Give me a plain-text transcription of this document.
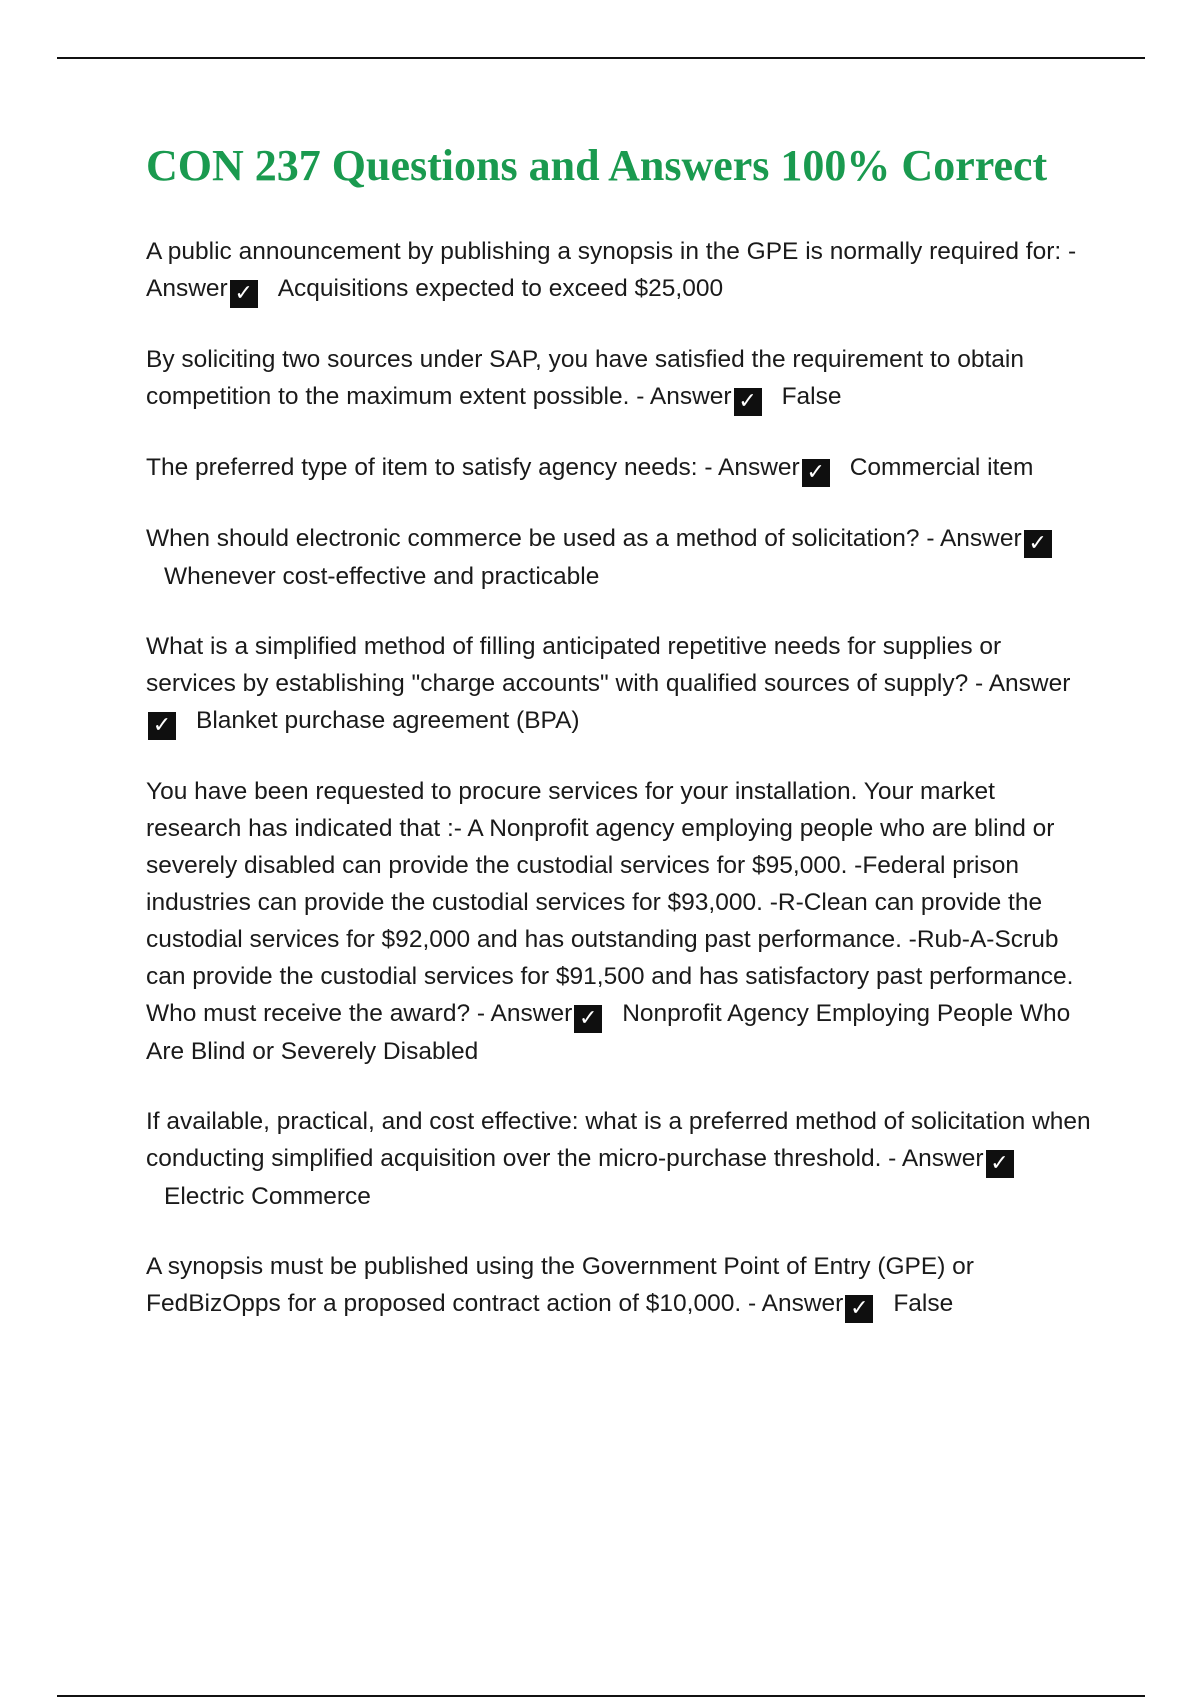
CON 237 Questions and Answers 100% Correct
A public announcement by publishing a synopsis in the GPE is normally required for: - Answer ✓ Acquisitions expected to exceed $25,000
By soliciting two sources under SAP, you have satisfied the requirement to obtain competition to the maximum extent possible. - Answer ✓ False
The preferred type of item to satisfy agency needs: - Answer ✓ Commercial item
When should electronic commerce be used as a method of solicitation? - Answer ✓Whenever cost-effective and practicable
What is a simplified method of filling anticipated repetitive needs for supplies or services by establishing "charge accounts" with qualified sources of supply? - Answer✓ Blanket purchase agreement (BPA)
You have been requested to procure services for your installation. Your market research has indicated that :- A Nonprofit agency employing people who are blind or severely disabled can provide the custodial services for $95,000. -Federal prison industries can provide the custodial services for $93,000. -R-Clean can provide the custodial services for $92,000 and has outstanding past performance. -Rub-A-Scrub can provide the custodial services for $91,500 and has satisfactory past performance. Who must receive the award? - Answer ✓ Nonprofit Agency Employing People Who Are Blind or Severely Disabled
If available, practical, and cost effective: what is a preferred method of solicitation when conducting simplified acquisition over the micro-purchase threshold. - Answer ✓Electric Commerce
A synopsis must be published using the Government Point of Entry (GPE) or FedBizOpps for a proposed contract action of $10,000. - Answer ✓ False
